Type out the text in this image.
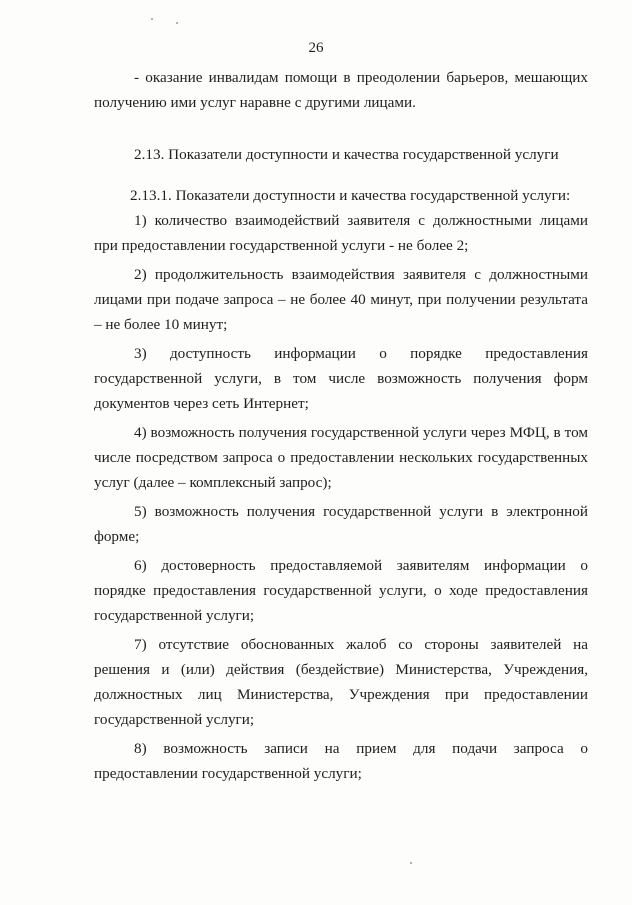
26
- оказание инвалидам помощи в преодолении барьеров, мешающих
получению ими услуг наравне с другими лицами.
2.13. Показатели доступности и качества государственной услуги

2.13.1. Показатели доступности и качества государственной услуги:

1) количество взаимодействий заявителя с должностными лицами при предоставлении государственной услуги - не более 2;

2) продолжительность взаимодействия заявителя с должностными лицами при подаче запроса – не более 40 минут, при получении результата – не более 10 минут;

3) доступность информации о порядке предоставления государственной услуги, в том числе возможность получения форм документов через сеть Интернет;

4) возможность получения государственной услуги через МФЦ, в том числе посредством запроса о предоставлении нескольких государственных услуг (далее – комплексный запрос);

5) возможность получения государственной услуги в электронной форме;

6) достоверность предоставляемой заявителям информации о порядке предоставления государственной услуги, о ходе предоставления государственной услуги;

7) отсутствие обоснованных жалоб со стороны заявителей на решения и (или) действия (бездействие) Министерства, Учреждения, должностных лиц Министерства, Учреждения при предоставлении государственной услуги;

8) возможность записи на прием для подачи запроса о предоставлении государственной услуги;
